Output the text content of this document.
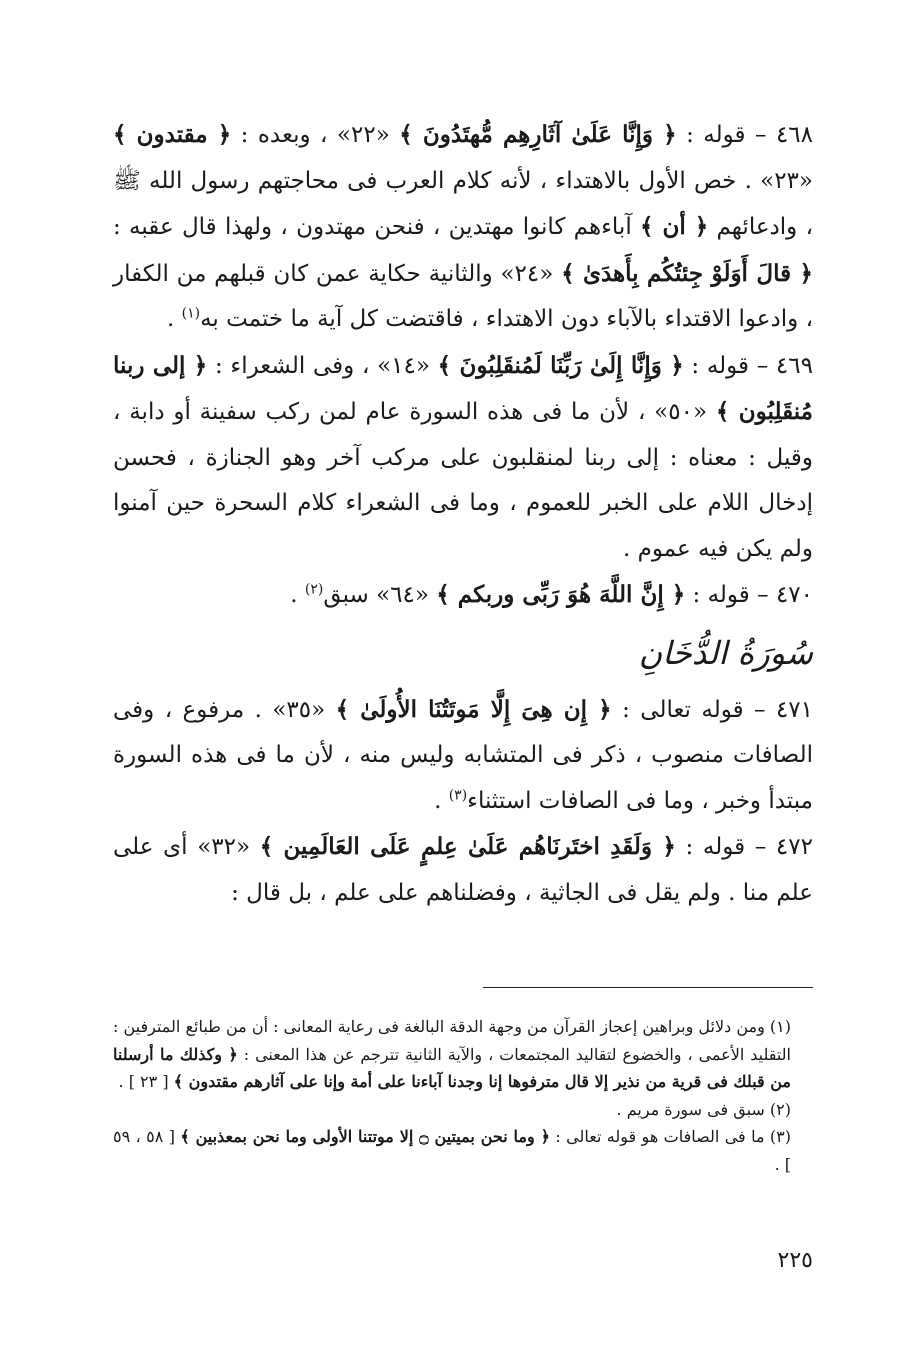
٤٦٨ – قوله : ﴿ وَإِنَّا عَلَىٰ آثَارِهِم مُّهتَدُونَ ﴾ «٢٢» ، وبعده : ﴿ مقتدون ﴾ «٢٣» . خص الأول بالاهتداء ، لأنه كلام العرب فى محاجتهم رسول الله ﷺ ، وادعائهم ﴿ أن ﴾ آباءهم كانوا مهتدين ، فنحن مهتدون ، ولهذا قال عقبه : ﴿ قالَ أَوَلَوْ جِئتُكُم بِأَهدَىٰ ﴾ «٢٤» والثانية حكاية عمن كان قبلهم من الكفار ، وادعوا الاقتداء بالآباء دون الاهتداء ، فاقتضت كل آية ما ختمت به$^{(١)}$ .

٤٦٩ – قوله : ﴿ وَإِنَّا إِلَىٰ رَبِّنَا لَمُنقَلِبُونَ ﴾ «١٤» ، وفى الشعراء : ﴿ إلى ربنا مُنقَلِبُون ﴾ «٥٠» ، لأن ما فى هذه السورة عام لمن ركب سفينة أو دابة ، وقيل : معناه : إلى ربنا لمنقلبون على مركب آخر وهو الجنازة ، فحسن إدخال اللام على الخبر للعموم ، وما فى الشعراء كلام السحرة حين آمنوا ولم يكن فيه عموم .

٤٧٠ – قوله : ﴿ إِنَّ اللَّهَ هُوَ رَبِّى وربكم ﴾ «٦٤» سبق$^{(٢)}$ .

سُورَةُ الدُّخَانِ

٤٧١ – قوله تعالى : ﴿ إِن هِىَ إِلَّا مَوتَتُنَا الأُولَىٰ ﴾ «٣٥» . مرفوع ، وفى الصافات منصوب ، ذكر فى المتشابه وليس منه ، لأن ما فى هذه السورة مبتدأ وخبر ، وما فى الصافات استثناء$^{(٣)}$ .

٤٧٢ – قوله : ﴿ وَلَقَدِ اختَرنَاهُم عَلَىٰ عِلمٍ عَلَى العَالَمِين ﴾ «٣٢» أى على علم منا . ولم يقل فى الجاثية ، وفضلناهم على علم ، بل قال :

(١) ومن دلائل وبراهين إعجاز القرآن من وجهة الدقة البالغة فى رعاية المعانى : أن من طبائع المترفين : التقليد الأعمى ، والخضوع لتقاليد المجتمعات ، والآية الثانية تترجم عن هذا المعنى : ﴿ وكذلك ما أرسلنا من قبلك فى قرية من نذير إلا قال مترفوها إنا وجدنا آباءنا على أمة وإنا على آثارهم مقتدون ﴾ [ ٢٣ ] .

(٢) سبق فى سورة مريم .

(٣) ما فى الصافات هو قوله تعالى : ﴿ وما نحن بميتين ۝ إلا موتتنا الأولى وما نحن بمعذبين ﴾ [ ٥٨ ، ٥٩ ] .

٢٢٥
